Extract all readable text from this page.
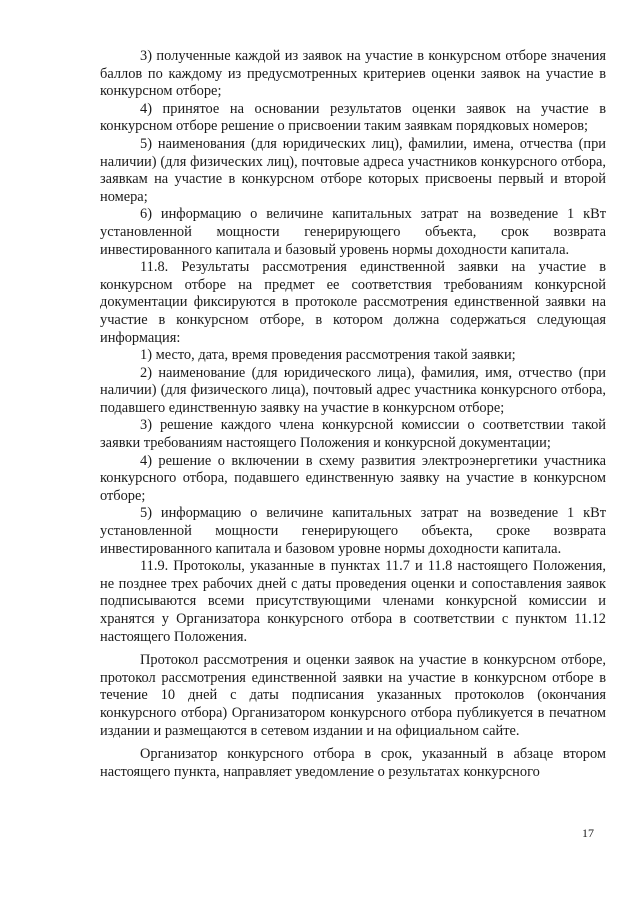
3) полученные каждой из заявок на участие в конкурсном отборе значения баллов по каждому из предусмотренных критериев оценки заявок на участие в конкурсном отборе;

4) принятое на основании результатов оценки заявок на участие в конкурсном отборе решение о присвоении таким заявкам порядковых номеров;

5) наименования (для юридических лиц), фамилии, имена, отчества (при наличии) (для физических лиц), почтовые адреса участников конкурсного отбора, заявкам на участие в конкурсном отборе которых присвоены первый и второй номера;

6) информацию о величине капитальных затрат на возведение 1 кВт установленной мощности генерирующего объекта, срок возврата инвестированного капитала и базовый уровень нормы доходности капитала.

11.8. Результаты рассмотрения единственной заявки на участие в конкурсном отборе на предмет ее соответствия требованиям конкурсной документации фиксируются в протоколе рассмотрения единственной заявки на участие в конкурсном отборе, в котором должна содержаться следующая информация:

1) место, дата, время проведения рассмотрения такой заявки;

2) наименование (для юридического лица), фамилия, имя, отчество (при наличии) (для физического лица), почтовый адрес участника конкурсного отбора, подавшего единственную заявку на участие в конкурсном отборе;

3) решение каждого члена конкурсной комиссии о соответствии такой заявки требованиям настоящего Положения и конкурсной документации;

4) решение о включении в схему развития электроэнергетики участника конкурсного отбора, подавшего единственную заявку на участие в конкурсном отборе;

5) информацию о величине капитальных затрат на возведение 1 кВт установленной мощности генерирующего объекта, сроке возврата инвестированного капитала и базовом уровне нормы доходности капитала.

11.9. Протоколы, указанные в пунктах 11.7 и 11.8 настоящего Положения, не позднее трех рабочих дней с даты проведения оценки и сопоставления заявок подписываются всеми присутствующими членами конкурсной комиссии и хранятся у Организатора конкурсного отбора в соответствии с пунктом 11.12 настоящего Положения.

Протокол рассмотрения и оценки заявок на участие в конкурсном отборе, протокол рассмотрения единственной заявки на участие в конкурсном отборе в течение 10 дней с даты подписания указанных протоколов (окончания конкурсного отбора) Организатором конкурсного отбора публикуется в печатном издании и размещаются в сетевом издании и на официальном сайте.

Организатор конкурсного отбора в срок, указанный в абзаце втором настоящего пункта, направляет уведомление о результатах конкурсного

17
